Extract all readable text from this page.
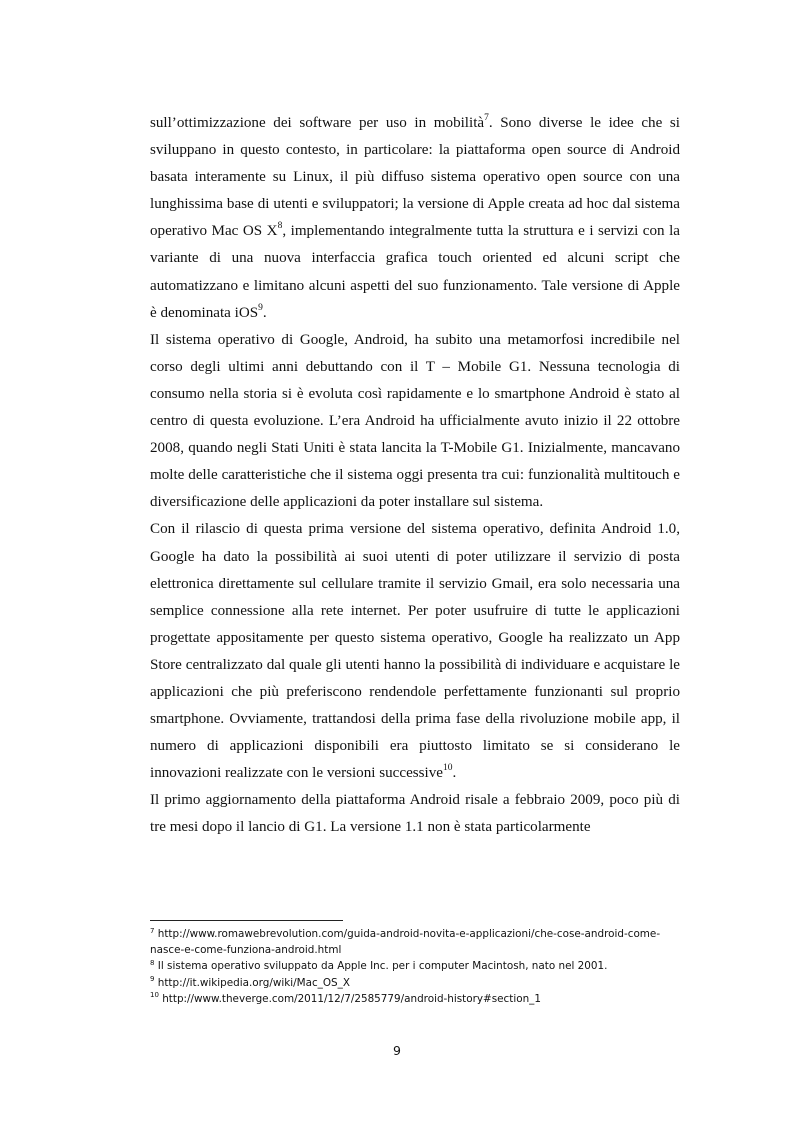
sull’ottimizzazione dei software per uso in mobilità$^7$. Sono diverse le idee che si sviluppano in questo contesto, in particolare: la piattaforma open source di Android basata interamente su Linux, il più diffuso sistema operativo open source con una lunghissima base di utenti e sviluppatori; la versione di Apple creata ad hoc dal sistema operativo Mac OS $X^8$, implementando integralmente tutta la struttura e i servizi con la variante di una nuova interfaccia grafica touch oriented ed alcuni script che automatizzano e limitano alcuni aspetti del suo funzionamento. Tale versione di Apple è denominata iOS$^9$.

Il sistema operativo di Google, Android, ha subito una metamorfosi incredibile nel corso degli ultimi anni debuttando con il T – Mobile G1. Nessuna tecnologia di consumo nella storia si è evoluta così rapidamente e lo smartphone Android è stato al centro di questa evoluzione. L’era Android ha ufficialmente avuto inizio il 22 ottobre 2008, quando negli Stati Uniti è stata lancita la T-Mobile G1. Inizialmente, mancavano molte delle caratteristiche che il sistema oggi presenta tra cui: funzionalità multitouch e diversificazione delle applicazioni da poter installare sul sistema.

Con il rilascio di questa prima versione del sistema operativo, definita Android 1.0, Google ha dato la possibilità ai suoi utenti di poter utilizzare il servizio di posta elettronica direttamente sul cellulare tramite il servizio Gmail, era solo necessaria una semplice connessione alla rete internet. Per poter usufruire di tutte le applicazioni progettate appositamente per questo sistema operativo, Google ha realizzato un App Store centralizzato dal quale gli utenti hanno la possibilità di individuare e acquistare le applicazioni che più preferiscono rendendole perfettamente funzionanti sul proprio smartphone. Ovviamente, trattandosi della prima fase della rivoluzione mobile app, il numero di applicazioni disponibili era piuttosto limitato se si considerano le innovazioni realizzate con le versioni successive$^{10}$.

Il primo aggiornamento della piattaforma Android risale a febbraio 2009, poco più di tre mesi dopo il lancio di G1. La versione 1.1 non è stata particolarmente

$^7$ http://www.romawebrevolution.com/guida-android-novita-e-applicazioni/che-cose-android-come-nasce-e-come-funziona-android.html

$^8$ Il sistema operativo sviluppato da Apple Inc. per i computer Macintosh, nato nel 2001.

$^9$ http://it.wikipedia.org/wiki/Mac_OS_X

$^{10}$ http://www.theverge.com/2011/12/7/2585779/android-history#section_1

9
